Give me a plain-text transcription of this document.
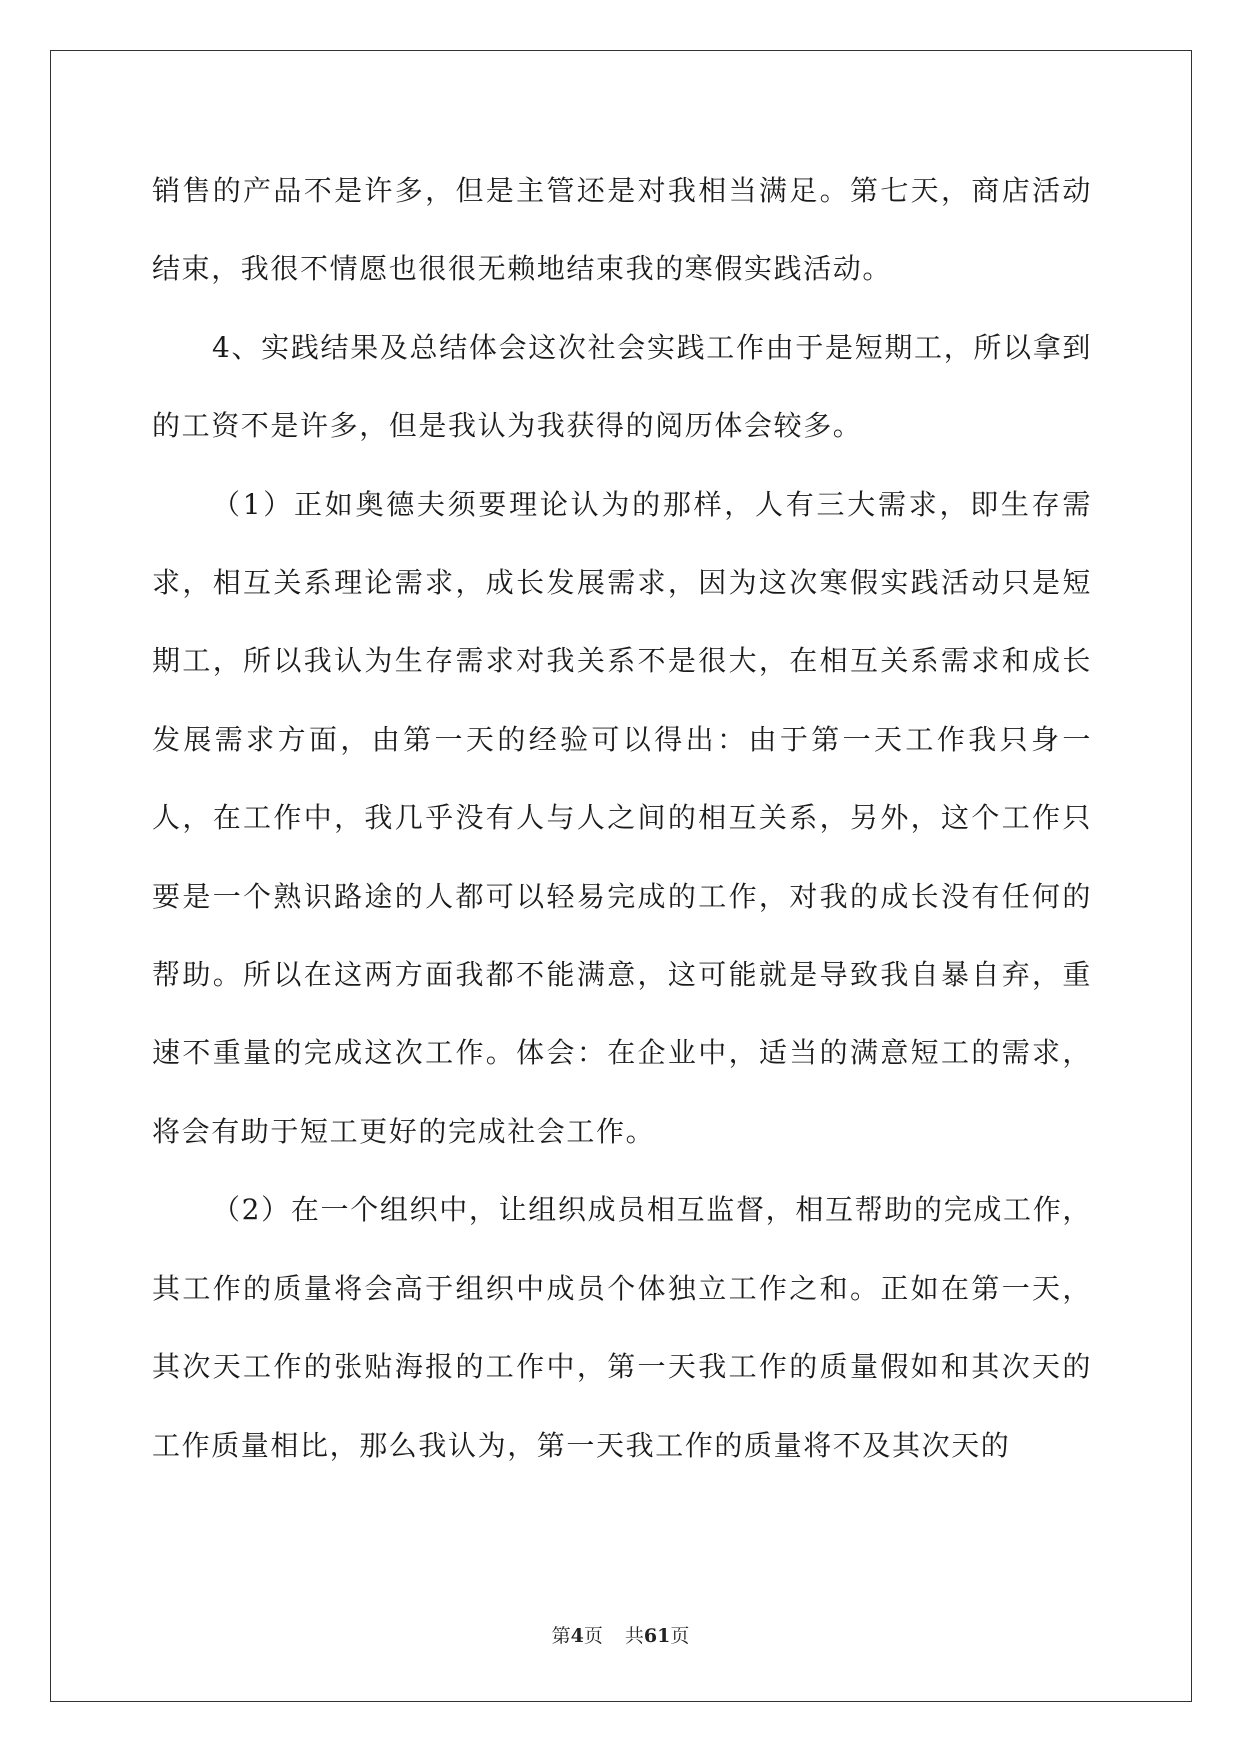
销售的产品不是许多，但是主管还是对我相当满足。第七天，商店活动结束，我很不情愿也很很无赖地结束我的寒假实践活动。

4、实践结果及总结体会这次社会实践工作由于是短期工，所以拿到的工资不是许多，但是我认为我获得的阅历体会较多。

（1）正如奥德夫须要理论认为的那样，人有三大需求，即生存需求，相互关系理论需求，成长发展需求，因为这次寒假实践活动只是短期工，所以我认为生存需求对我关系不是很大，在相互关系需求和成长发展需求方面，由第一天的经验可以得出：由于第一天工作我只身一人，在工作中，我几乎没有人与人之间的相互关系，另外，这个工作只要是一个熟识路途的人都可以轻易完成的工作，对我的成长没有任何的帮助。所以在这两方面我都不能满意，这可能就是导致我自暴自弃，重速不重量的完成这次工作。体会：在企业中，适当的满意短工的需求，将会有助于短工更好的完成社会工作。

（2）在一个组织中，让组织成员相互监督，相互帮助的完成工作，其工作的质量将会高于组织中成员个体独立工作之和。正如在第一天，其次天工作的张贴海报的工作中，第一天我工作的质量假如和其次天的工作质量相比，那么我认为，第一天我工作的质量将不及其次天的

第4页 共61页
